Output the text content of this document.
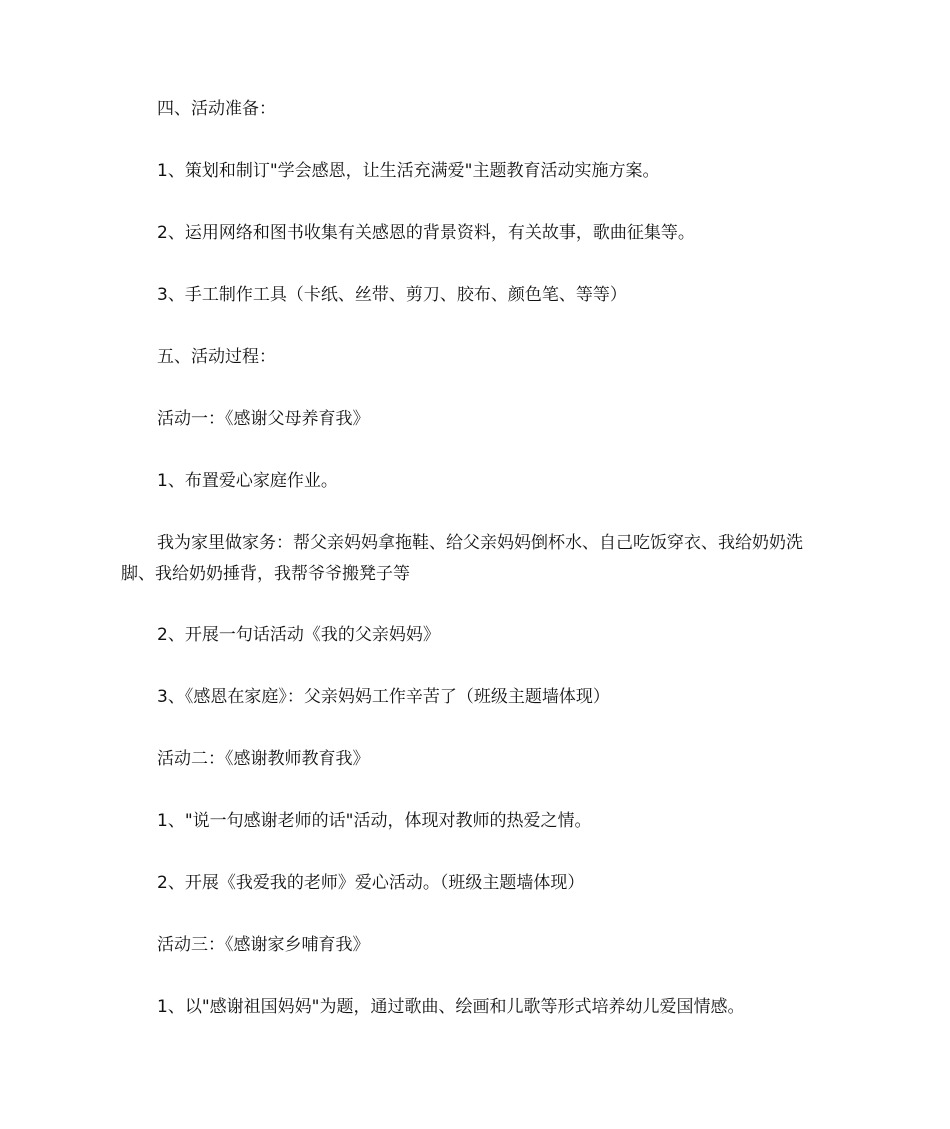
四、活动准备：

1、策划和制订"学会感恩，让生活充满爱"主题教育活动实施方案。

2、运用网络和图书收集有关感恩的背景资料，有关故事，歌曲征集等。

3、手工制作工具（卡纸、丝带、剪刀、胶布、颜色笔、等等）

五、活动过程：

活动一：《感谢父母养育我》

1、布置爱心家庭作业。

我为家里做家务：帮父亲妈妈拿拖鞋、给父亲妈妈倒杯水、自己吃饭穿衣、我给奶奶洗脚、我给奶奶捶背，我帮爷爷搬凳子等

2、开展一句话活动《我的父亲妈妈》

3、《感恩在家庭》：父亲妈妈工作辛苦了（班级主题墙体现）

活动二：《感谢教师教育我》

1、"说一句感谢老师的话"活动，体现对教师的热爱之情。

2、开展《我爱我的老师》爱心活动。（班级主题墙体现）

活动三：《感谢家乡哺育我》

1、以"感谢祖国妈妈"为题，通过歌曲、绘画和儿歌等形式培养幼儿爱国情感。
